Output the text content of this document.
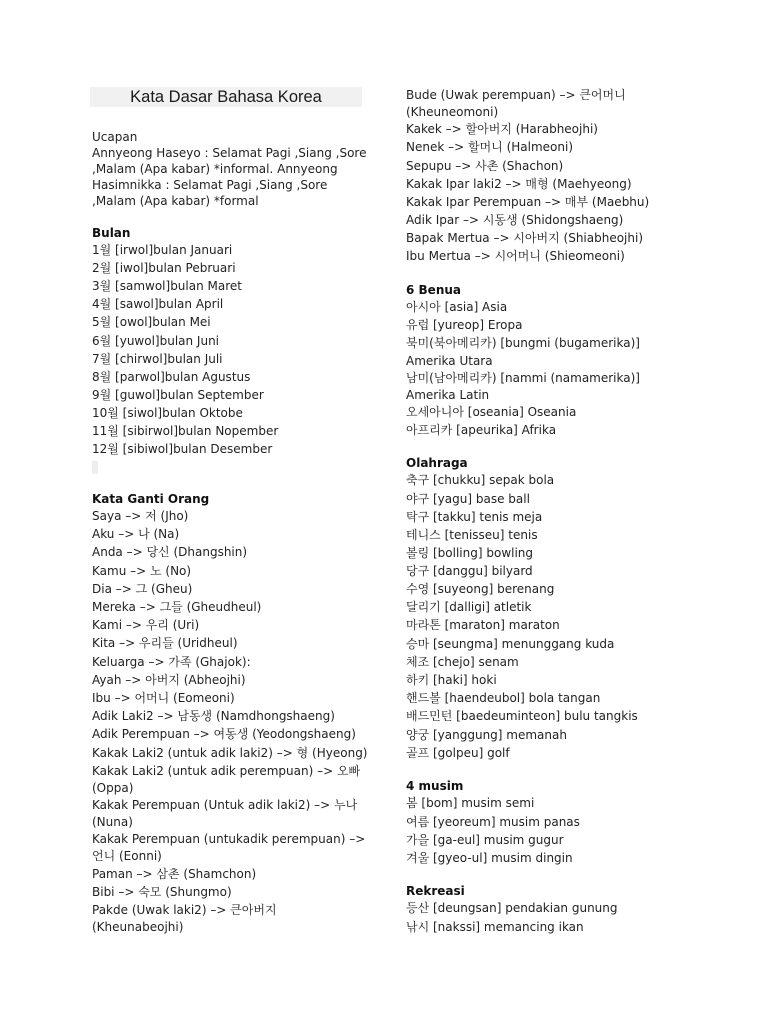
Kata Dasar Bahasa Korea
Ucapan
Annyeong Haseyo : Selamat Pagi ,Siang ,Sore
,Malam (Apa kabar) *informal. Annyeong
Hasimnikka : Selamat Pagi ,Siang ,Sore
,Malam (Apa kabar) *formal
Bulan
1월 [irwol]bulan Januari
2월 [iwol]bulan Pebruari
3월 [samwol]bulan Maret
4월 [sawol]bulan April
5월 [owol]bulan Mei
6월 [yuwol]bulan Juni
7월 [chirwol]bulan Juli
8월 [parwol]bulan Agustus
9월 [guwol]bulan September
10월 [siwol]bulan Oktobe
11월 [sibirwol]bulan Nopember
12월 [sibiwol]bulan Desember
Kata Ganti Orang
Saya –> 저 (Jho)
Aku –> 나 (Na)
Anda –> 당신 (Dhangshin)
Kamu –> 노 (No)
Dia –> 그 (Gheu)
Mereka –> 그들 (Gheudheul)
Kami –> 우리 (Uri)
Kita –> 우리들 (Uridheul)
Keluarga –> 가족 (Ghajok):
Ayah –> 아버지 (Abheojhi)
Ibu –> 어머니 (Eomeoni)
Adik Laki2 –> 남동생 (Namdhongshaeng)
Adik Perempuan –> 여동생 (Yeodongshaeng)
Kakak Laki2 (untuk adik laki2) –> 형 (Hyeong)
Kakak Laki2 (untuk adik perempuan) –> 오빠
(Oppa)
Kakak Perempuan (Untuk adik laki2) –> 누나
(Nuna)
Kakak Perempuan (untukadik perempuan) –>
언니 (Eonni)
Paman –> 삼촌 (Shamchon)
Bibi –> 숙모 (Shungmo)
Pakde (Uwak laki2) –> 큰아버지
(Kheunabeojhi)
Bude (Uwak perempuan) –> 큰어머니
(Kheuneomoni)
Kakek –> 할아버지 (Harabheojhi)
Nenek –> 할머니 (Halmeoni)
Sepupu –> 사촌 (Shachon)
Kakak Ipar laki2 –> 매형 (Maehyeong)
Kakak Ipar Perempuan –> 매부 (Maebhu)
Adik Ipar –> 시동생 (Shidongshaeng)
Bapak Mertua –> 시아버지 (Shiabheojhi)
Ibu Mertua –> 시어머니 (Shieomeoni)
6 Benua
아시아 [asia] Asia
유럽 [yureop] Eropa
북미(북아메리카) [bungmi (bugamerika)]
Amerika Utara
남미(남아메리카) [nammi (namamerika)]
Amerika Latin
오세아니아 [oseania] Oseania
아프리카 [apeurika] Afrika
Olahraga
축구 [chukku] sepak bola
야구 [yagu] base ball
탁구 [takku] tenis meja
테니스 [tenisseu] tenis
볼링 [bolling] bowling
당구 [danggu] bilyard
수영 [suyeong] berenang
달리기 [dalligi] atletik
마라톤 [maraton] maraton
승마 [seungma] menunggang kuda
체조 [chejo] senam
하키 [haki] hoki
핸드볼 [haendeubol] bola tangan
배드민턴 [baedeuminteon] bulu tangkis
양궁 [yanggung] memanah
골프 [golpeu] golf
4 musim
봄 [bom] musim semi
여름 [yeoreum] musim panas
가을 [ga-eul] musim gugur
겨울 [gyeo-ul] musim dingin
Rekreasi
등산 [deungsan] pendakian gunung
낚시 [nakssi] memancing ikan
